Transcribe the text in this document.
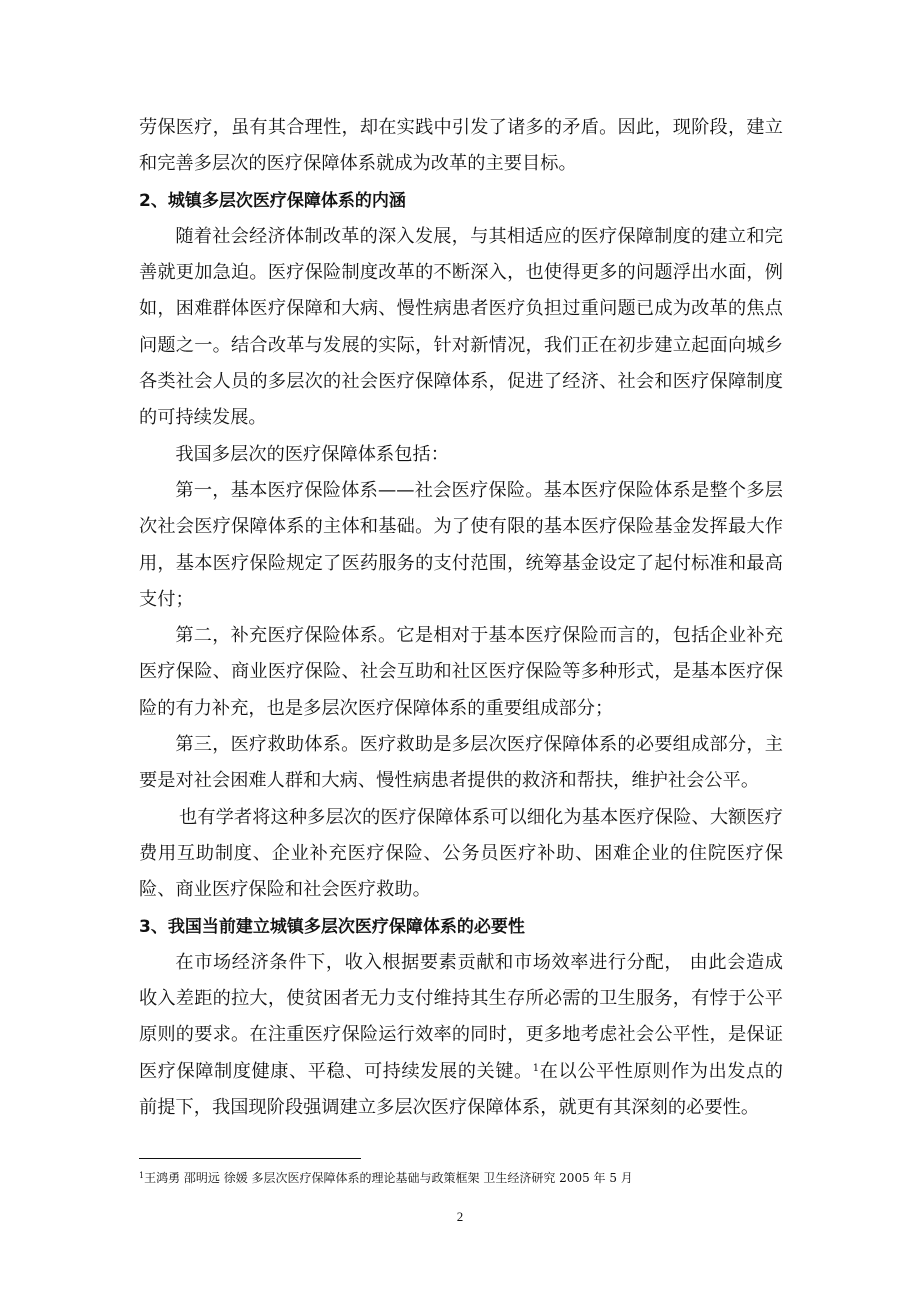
劳保医疗，虽有其合理性，却在实践中引发了诸多的矛盾。因此，现阶段，建立和完善多层次的医疗保障体系就成为改革的主要目标。

2、城镇多层次医疗保障体系的内涵

随着社会经济体制改革的深入发展，与其相适应的医疗保障制度的建立和完善就更加急迫。医疗保险制度改革的不断深入，也使得更多的问题浮出水面，例如，困难群体医疗保障和大病、慢性病患者医疗负担过重问题已成为改革的焦点问题之一。结合改革与发展的实际，针对新情况，我们正在初步建立起面向城乡各类社会人员的多层次的社会医疗保障体系，促进了经济、社会和医疗保障制度的可持续发展。

我国多层次的医疗保障体系包括：

第一，基本医疗保险体系——社会医疗保险。基本医疗保险体系是整个多层次社会医疗保障体系的主体和基础。为了使有限的基本医疗保险基金发挥最大作用，基本医疗保险规定了医药服务的支付范围，统筹基金设定了起付标准和最高支付；

第二，补充医疗保险体系。它是相对于基本医疗保险而言的，包括企业补充医疗保险、商业医疗保险、社会互助和社区医疗保险等多种形式，是基本医疗保险的有力补充，也是多层次医疗保障体系的重要组成部分；

第三，医疗救助体系。医疗救助是多层次医疗保障体系的必要组成部分，主要是对社会困难人群和大病、慢性病患者提供的救济和帮扶，维护社会公平。

也有学者将这种多层次的医疗保障体系可以细化为基本医疗保险、大额医疗费用互助制度、企业补充医疗保险、公务员医疗补助、困难企业的住院医疗保险、商业医疗保险和社会医疗救助。

3、我国当前建立城镇多层次医疗保障体系的必要性

在市场经济条件下，收入根据要素贡献和市场效率进行分配， 由此会造成收入差距的拉大，使贫困者无力支付维持其生存所必需的卫生服务，有悖于公平原则的要求。在注重医疗保险运行效率的同时，更多地考虑社会公平性，是保证医疗保障制度健康、平稳、可持续发展的关键。$^1$在以公平性原则作为出发点的前提下，我国现阶段强调建立多层次医疗保障体系，就更有其深刻的必要性。

$^1$王鸿勇 邵明远 徐媛 多层次医疗保障体系的理论基础与政策框架 卫生经济研究 2005 年 5 月
2
